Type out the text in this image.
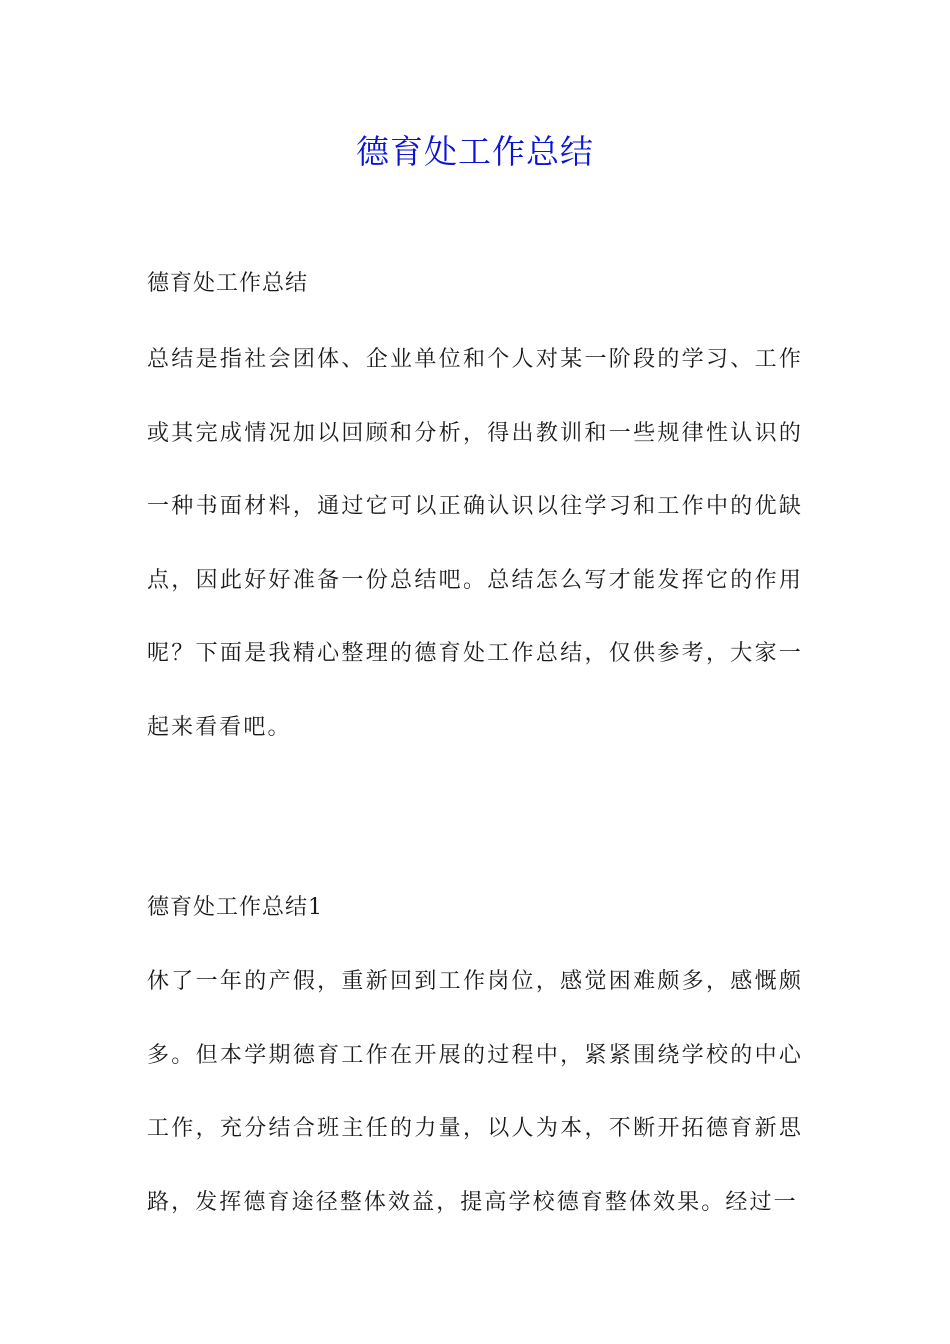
德育处工作总结
德育处工作总结

总结是指社会团体、企业单位和个人对某一阶段的学习、工作或其完成情况加以回顾和分析，得出教训和一些规律性认识的一种书面材料，通过它可以正确认识以往学习和工作中的优缺点，因此好好准备一份总结吧。总结怎么写才能发挥它的作用呢？下面是我精心整理的德育处工作总结，仅供参考，大家一起来看看吧。

德育处工作总结1

休了一年的产假，重新回到工作岗位，感觉困难颇多，感慨颇多。但本学期德育工作在开展的过程中，紧紧围绕学校的中心工作，充分结合班主任的力量，以人为本，不断开拓德育新思路，发挥德育途径整体效益，提高学校德育整体效果。经过一
